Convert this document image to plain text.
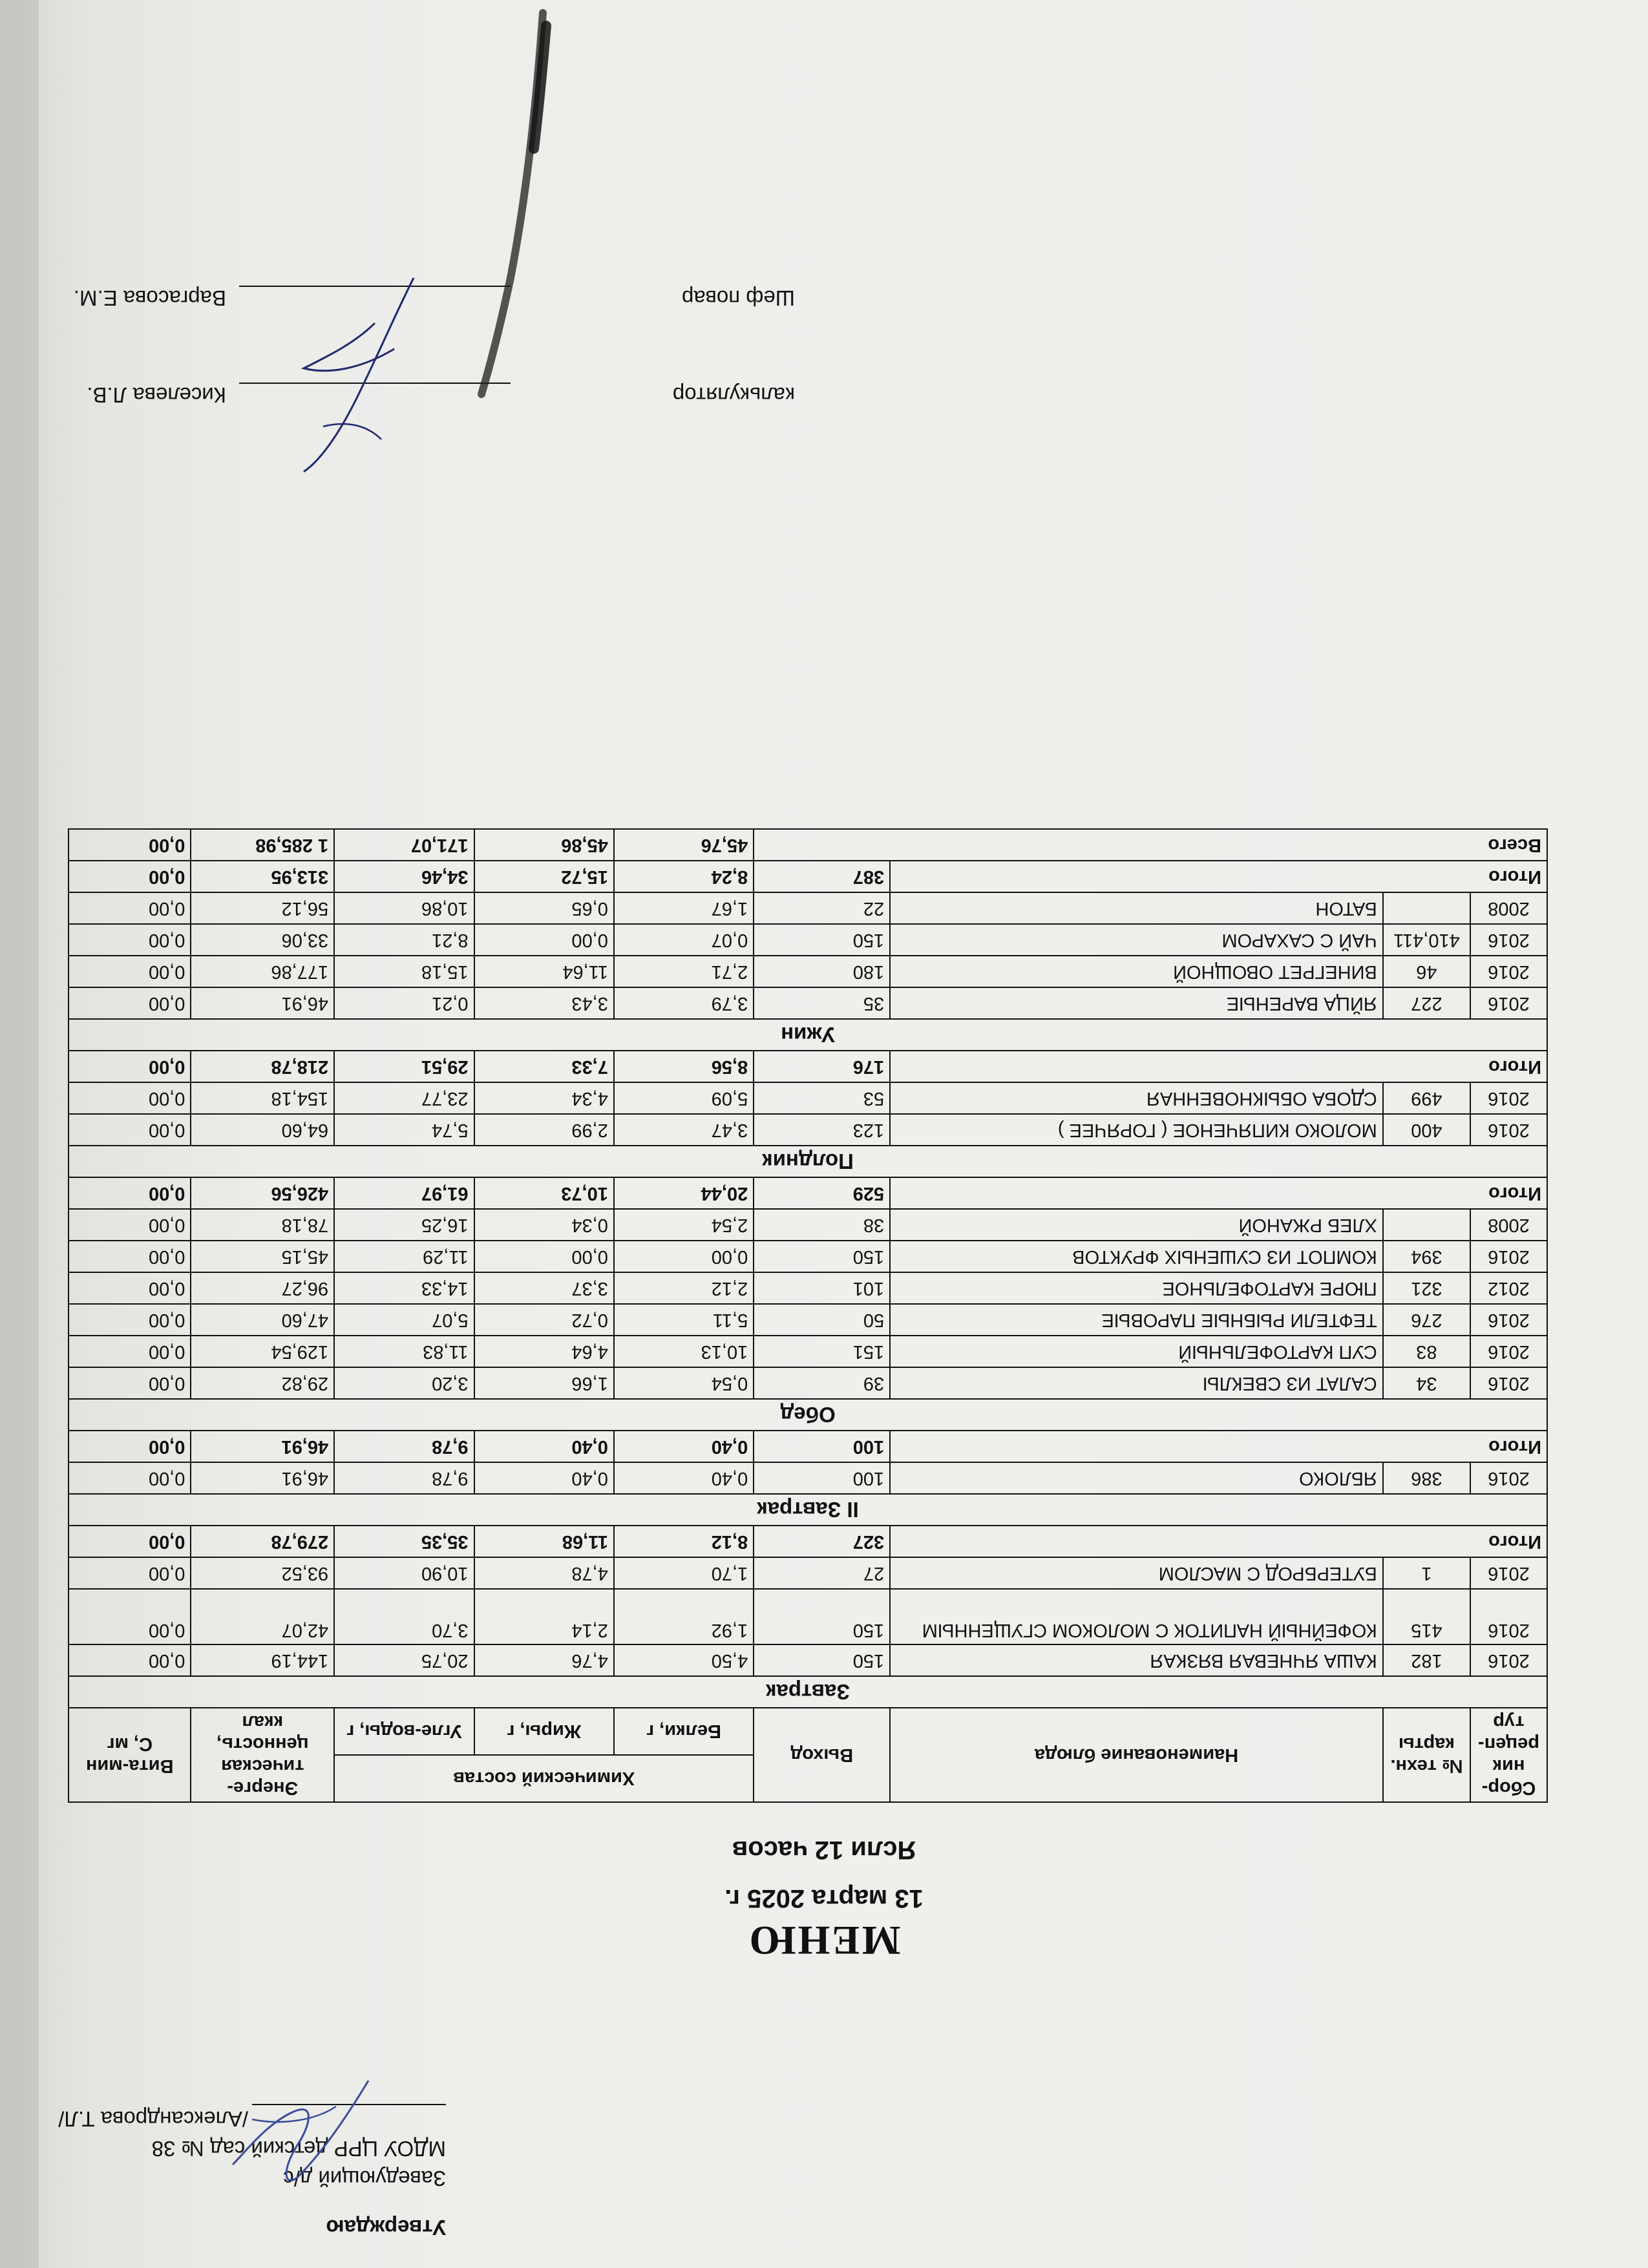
Утверждаю
Заведующий д/с
МДОУ ЦРР детский сад № 38
/Александрова Т.Л/
МЕНЮ
13 марта 2025 г.
Ясли 12 часов
Сбор-ник рецеп-тур	№ техн. карты	Наименование блюда	Выход	Химический состав			Энерге-тическая ценность, ккал	Вита-мин С, мг
				Белки, г	Жиры, г	Угле-воды, г		
Завтрак								
2016	182	КАША ЯЧНЕВАЯ ВЯЗКАЯ	150	4,50	4,76	20,75	144,19	0,00
2016	415	КОФЕЙНЫЙ НАПИТОК С МОЛОКОМ СГУЩЕННЫМ	150	1,92	2,14	3,70	42,07	0,00
2016	1	БУТЕРБРОД С МАСЛОМ	27	1,70	4,78	10,90	93,52	0,00
Итого			327	8,12	11,68	35,35	279,78	0,00
II Завтрак								
2016	386	ЯБЛОКО	100	0,40	0,40	9,78	46,91	0,00
Итого			100	0,40	0,40	9,78	46,91	0,00
Обед								
2016	34	САЛАТ ИЗ СВЕКЛЫ	39	0,54	1,66	3,20	29,82	0,00
2016	83	СУП КАРТОФЕЛЬНЫЙ	151	10,13	4,64	11,83	129,54	0,00
2016	276	ТЕФТЕЛИ РЫБНЫЕ ПАРОВЫЕ	50	5,11	0,72	5,07	47,60	0,00
2012	321	ПЮРЕ КАРТОФЕЛЬНОЕ	101	2,12	3,37	14,33	96,27	0,00
2016	394	КОМПОТ ИЗ СУШЕНЫХ ФРУКТОВ	150	0,00	0,00	11,29	45,15	0,00
2008		ХЛЕБ РЖАНОЙ	38	2,54	0,34	16,25	78,18	0,00
Итого			529	20,44	10,73	61,97	426,56	0,00
Полдник								
2016	400	МОЛОКО КИПЯЧЕНОЕ ( ГОРЯЧЕЕ )	123	3,47	2,99	5,74	64,60	0,00
2016	499	СДОБА ОБЫКНОВЕННАЯ	53	5,09	4,34	23,77	154,18	0,00
Итого			176	8,56	7,33	29,51	218,78	0,00
Ужин								
2016	227	ЯЙЦА ВАРЕНЫЕ	35	3,79	3,43	0,21	46,91	0,00
2016	46	ВИНЕГРЕТ ОВОЩНОЙ	180	2,71	11,64	15,18	177,86	0,00
2016	410,411	ЧАЙ С САХАРОМ	150	0,07	0,00	8,21	33,06	0,00
2008		БАТОН	22	1,67	0,65	10,86	56,12	0,00
Итого			387	8,24	15,72	34,46	313,95	0,00
Всего				45,76	45,86	171,07	1 285,98	0,00
калькулятор
Киселева Л.В.
Шеф повар
Варгасова Е.М.
